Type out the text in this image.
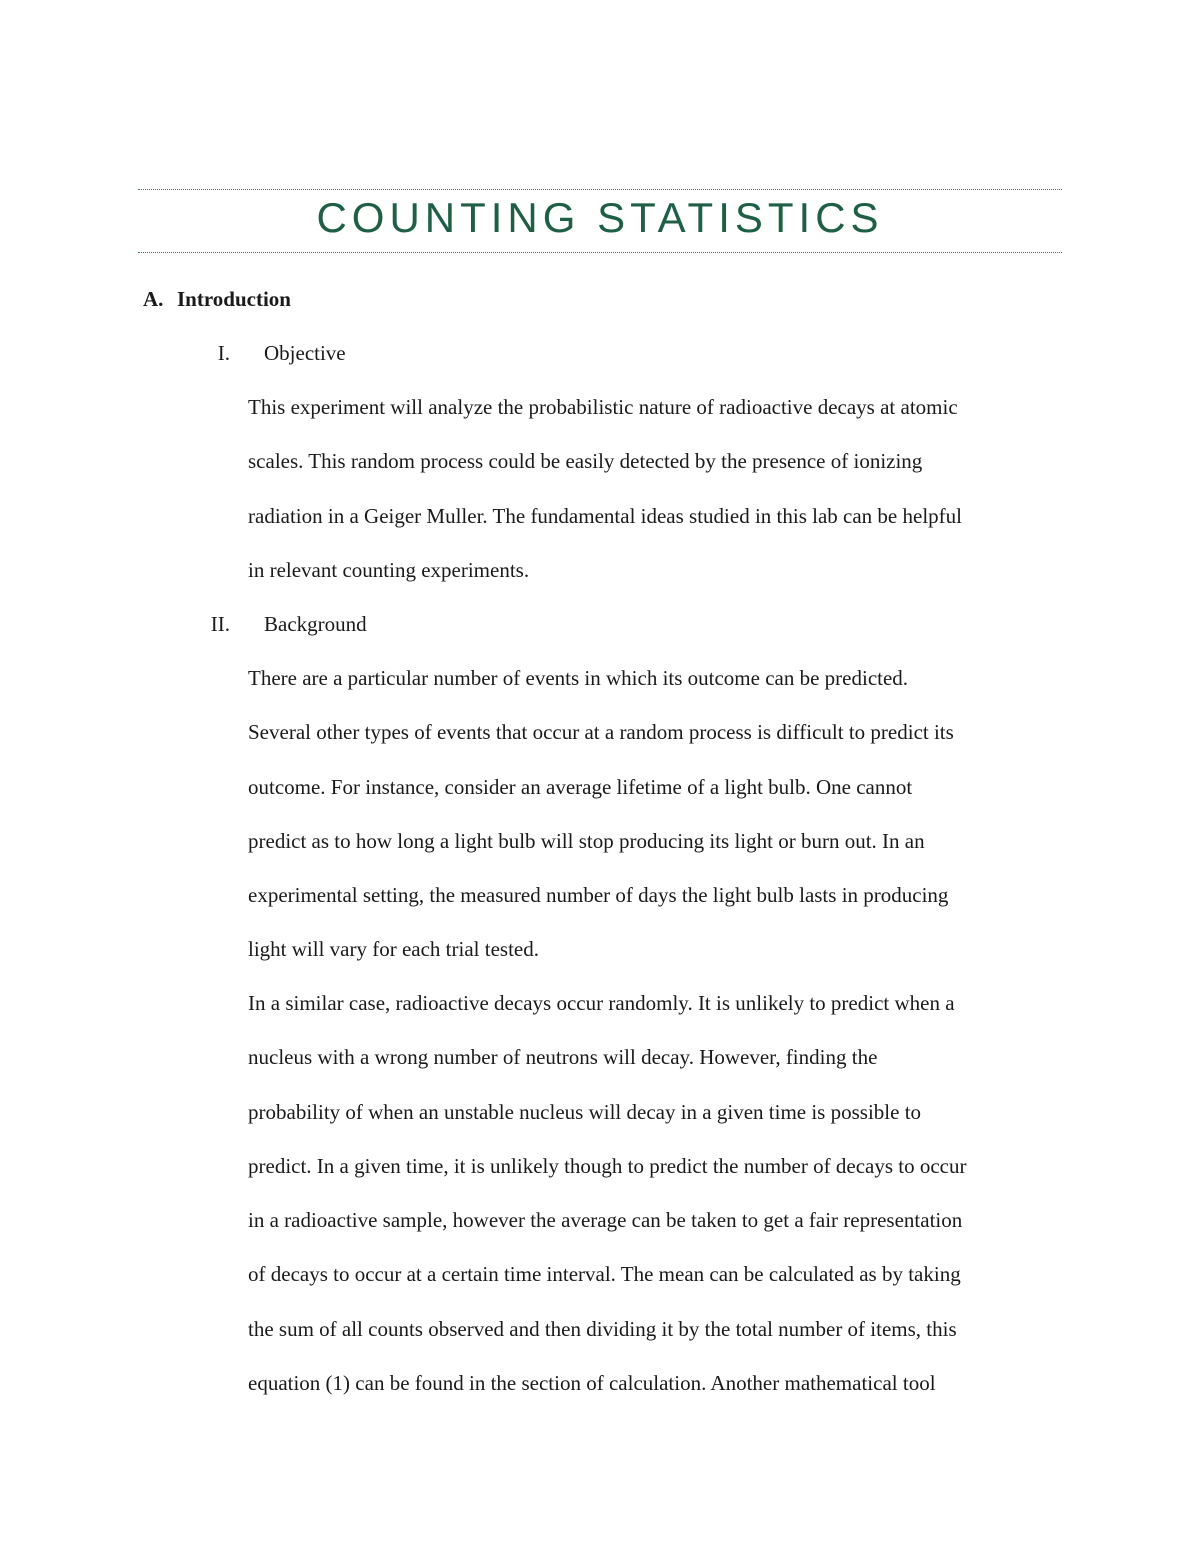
COUNTING STATISTICS
A. Introduction
I. Objective
This experiment will analyze the probabilistic nature of radioactive decays at atomic
scales. This random process could be easily detected by the presence of ionizing
radiation in a Geiger Muller. The fundamental ideas studied in this lab can be helpful
in relevant counting experiments.
II. Background
There are a particular number of events in which its outcome can be predicted.
Several other types of events that occur at a random process is difficult to predict its
outcome. For instance, consider an average lifetime of a light bulb. One cannot
predict as to how long a light bulb will stop producing its light or burn out. In an
experimental setting, the measured number of days the light bulb lasts in producing
light will vary for each trial tested.
In a similar case, radioactive decays occur randomly. It is unlikely to predict when a
nucleus with a wrong number of neutrons will decay. However, finding the
probability of when an unstable nucleus will decay in a given time is possible to
predict. In a given time, it is unlikely though to predict the number of decays to occur
in a radioactive sample, however the average can be taken to get a fair representation
of decays to occur at a certain time interval. The mean can be calculated as by taking
the sum of all counts observed and then dividing it by the total number of items, this
equation (1) can be found in the section of calculation. Another mathematical tool
